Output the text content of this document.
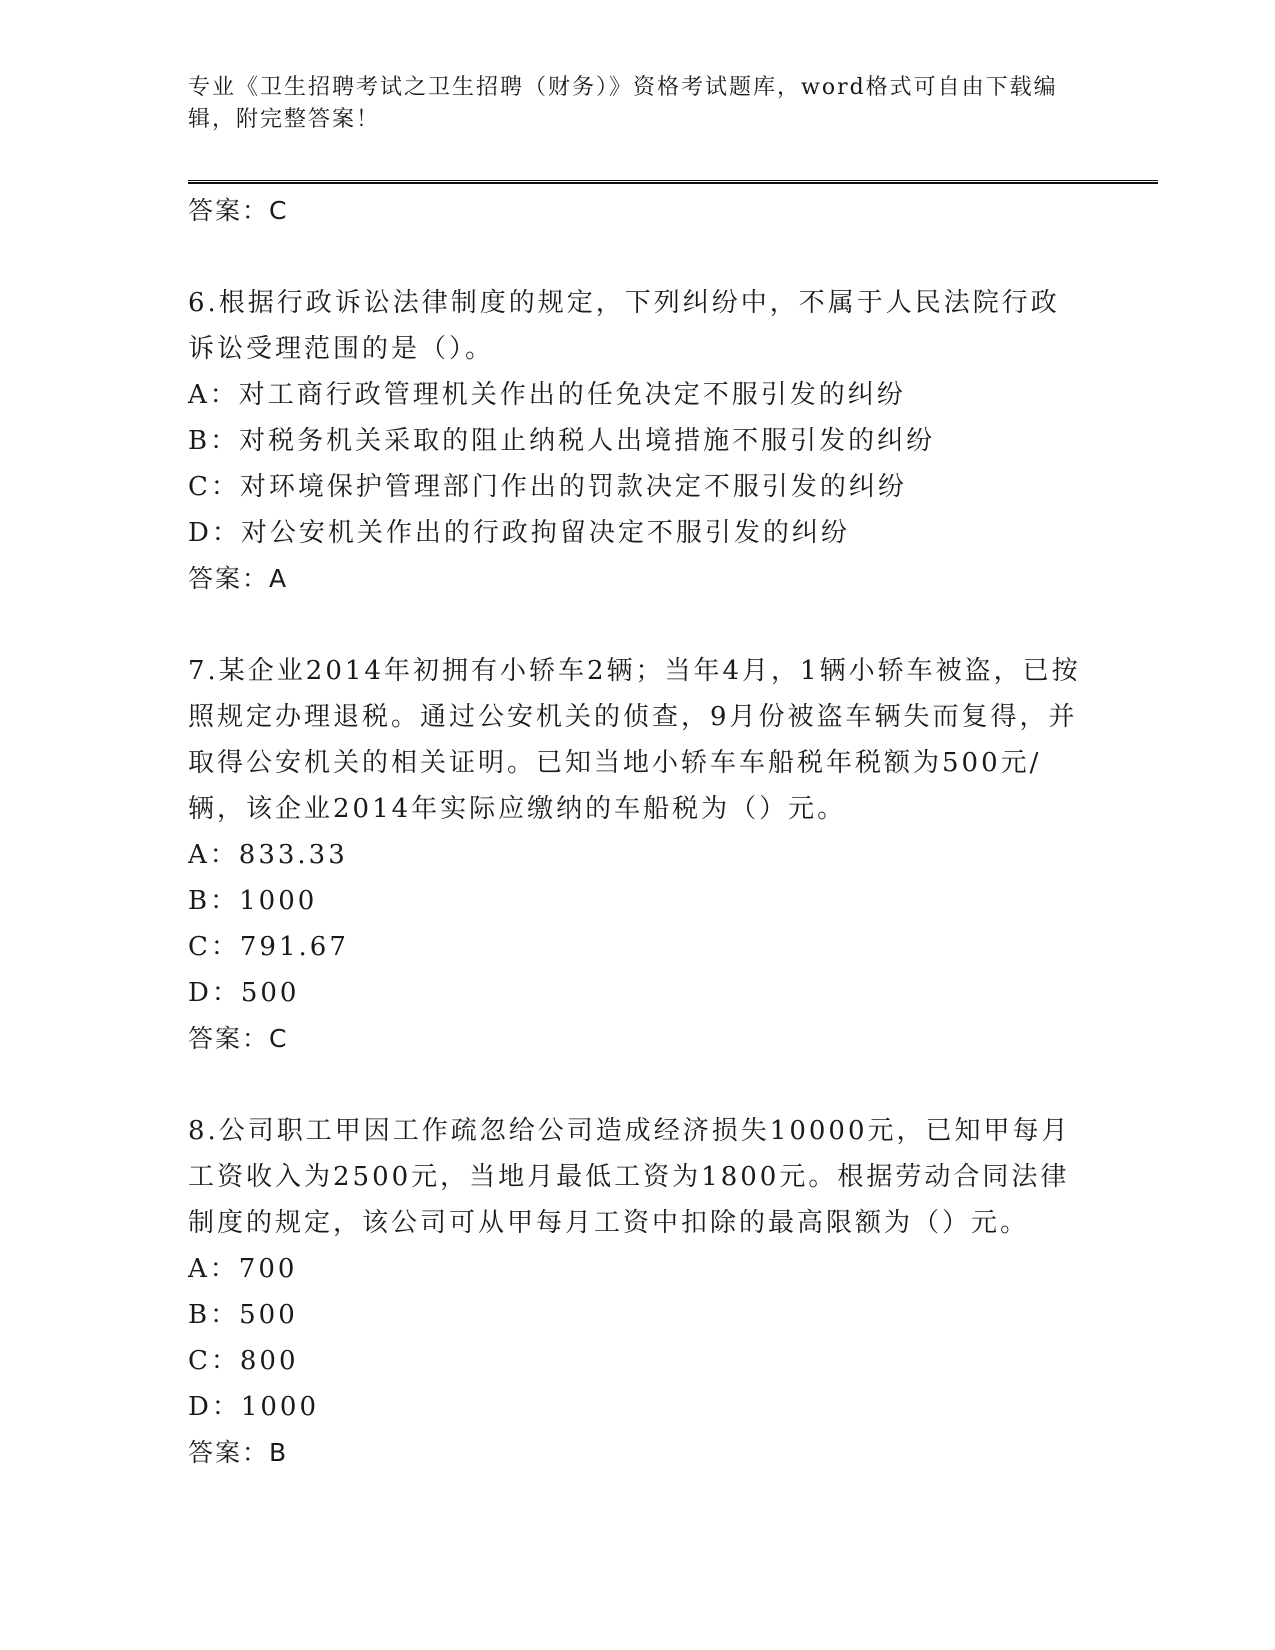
专业《卫生招聘考试之卫生招聘（财务）》资格考试题库，word格式可自由下载编辑，附完整答案！

答案：C

6.根据行政诉讼法律制度的规定，下列纠纷中，不属于人民法院行政诉讼受理范围的是（）。

A：对工商行政管理机关作出的任免决定不服引发的纠纷

B：对税务机关采取的阻止纳税人出境措施不服引发的纠纷

C：对环境保护管理部门作出的罚款决定不服引发的纠纷

D：对公安机关作出的行政拘留决定不服引发的纠纷

答案：A

7.某企业2014年初拥有小轿车2辆；当年4月，1辆小轿车被盗，已按照规定办理退税。通过公安机关的侦查，9月份被盗车辆失而复得，并取得公安机关的相关证明。已知当地小轿车车船税年税额为500元/辆，该企业2014年实际应缴纳的车船税为（）元。

A：833.33

B：1000

C：791.67

D：500

答案：C

8.公司职工甲因工作疏忽给公司造成经济损失10000元，已知甲每月工资收入为2500元，当地月最低工资为1800元。根据劳动合同法律制度的规定，该公司可从甲每月工资中扣除的最高限额为（）元。

A：700

B：500

C：800

D：1000

答案：B
